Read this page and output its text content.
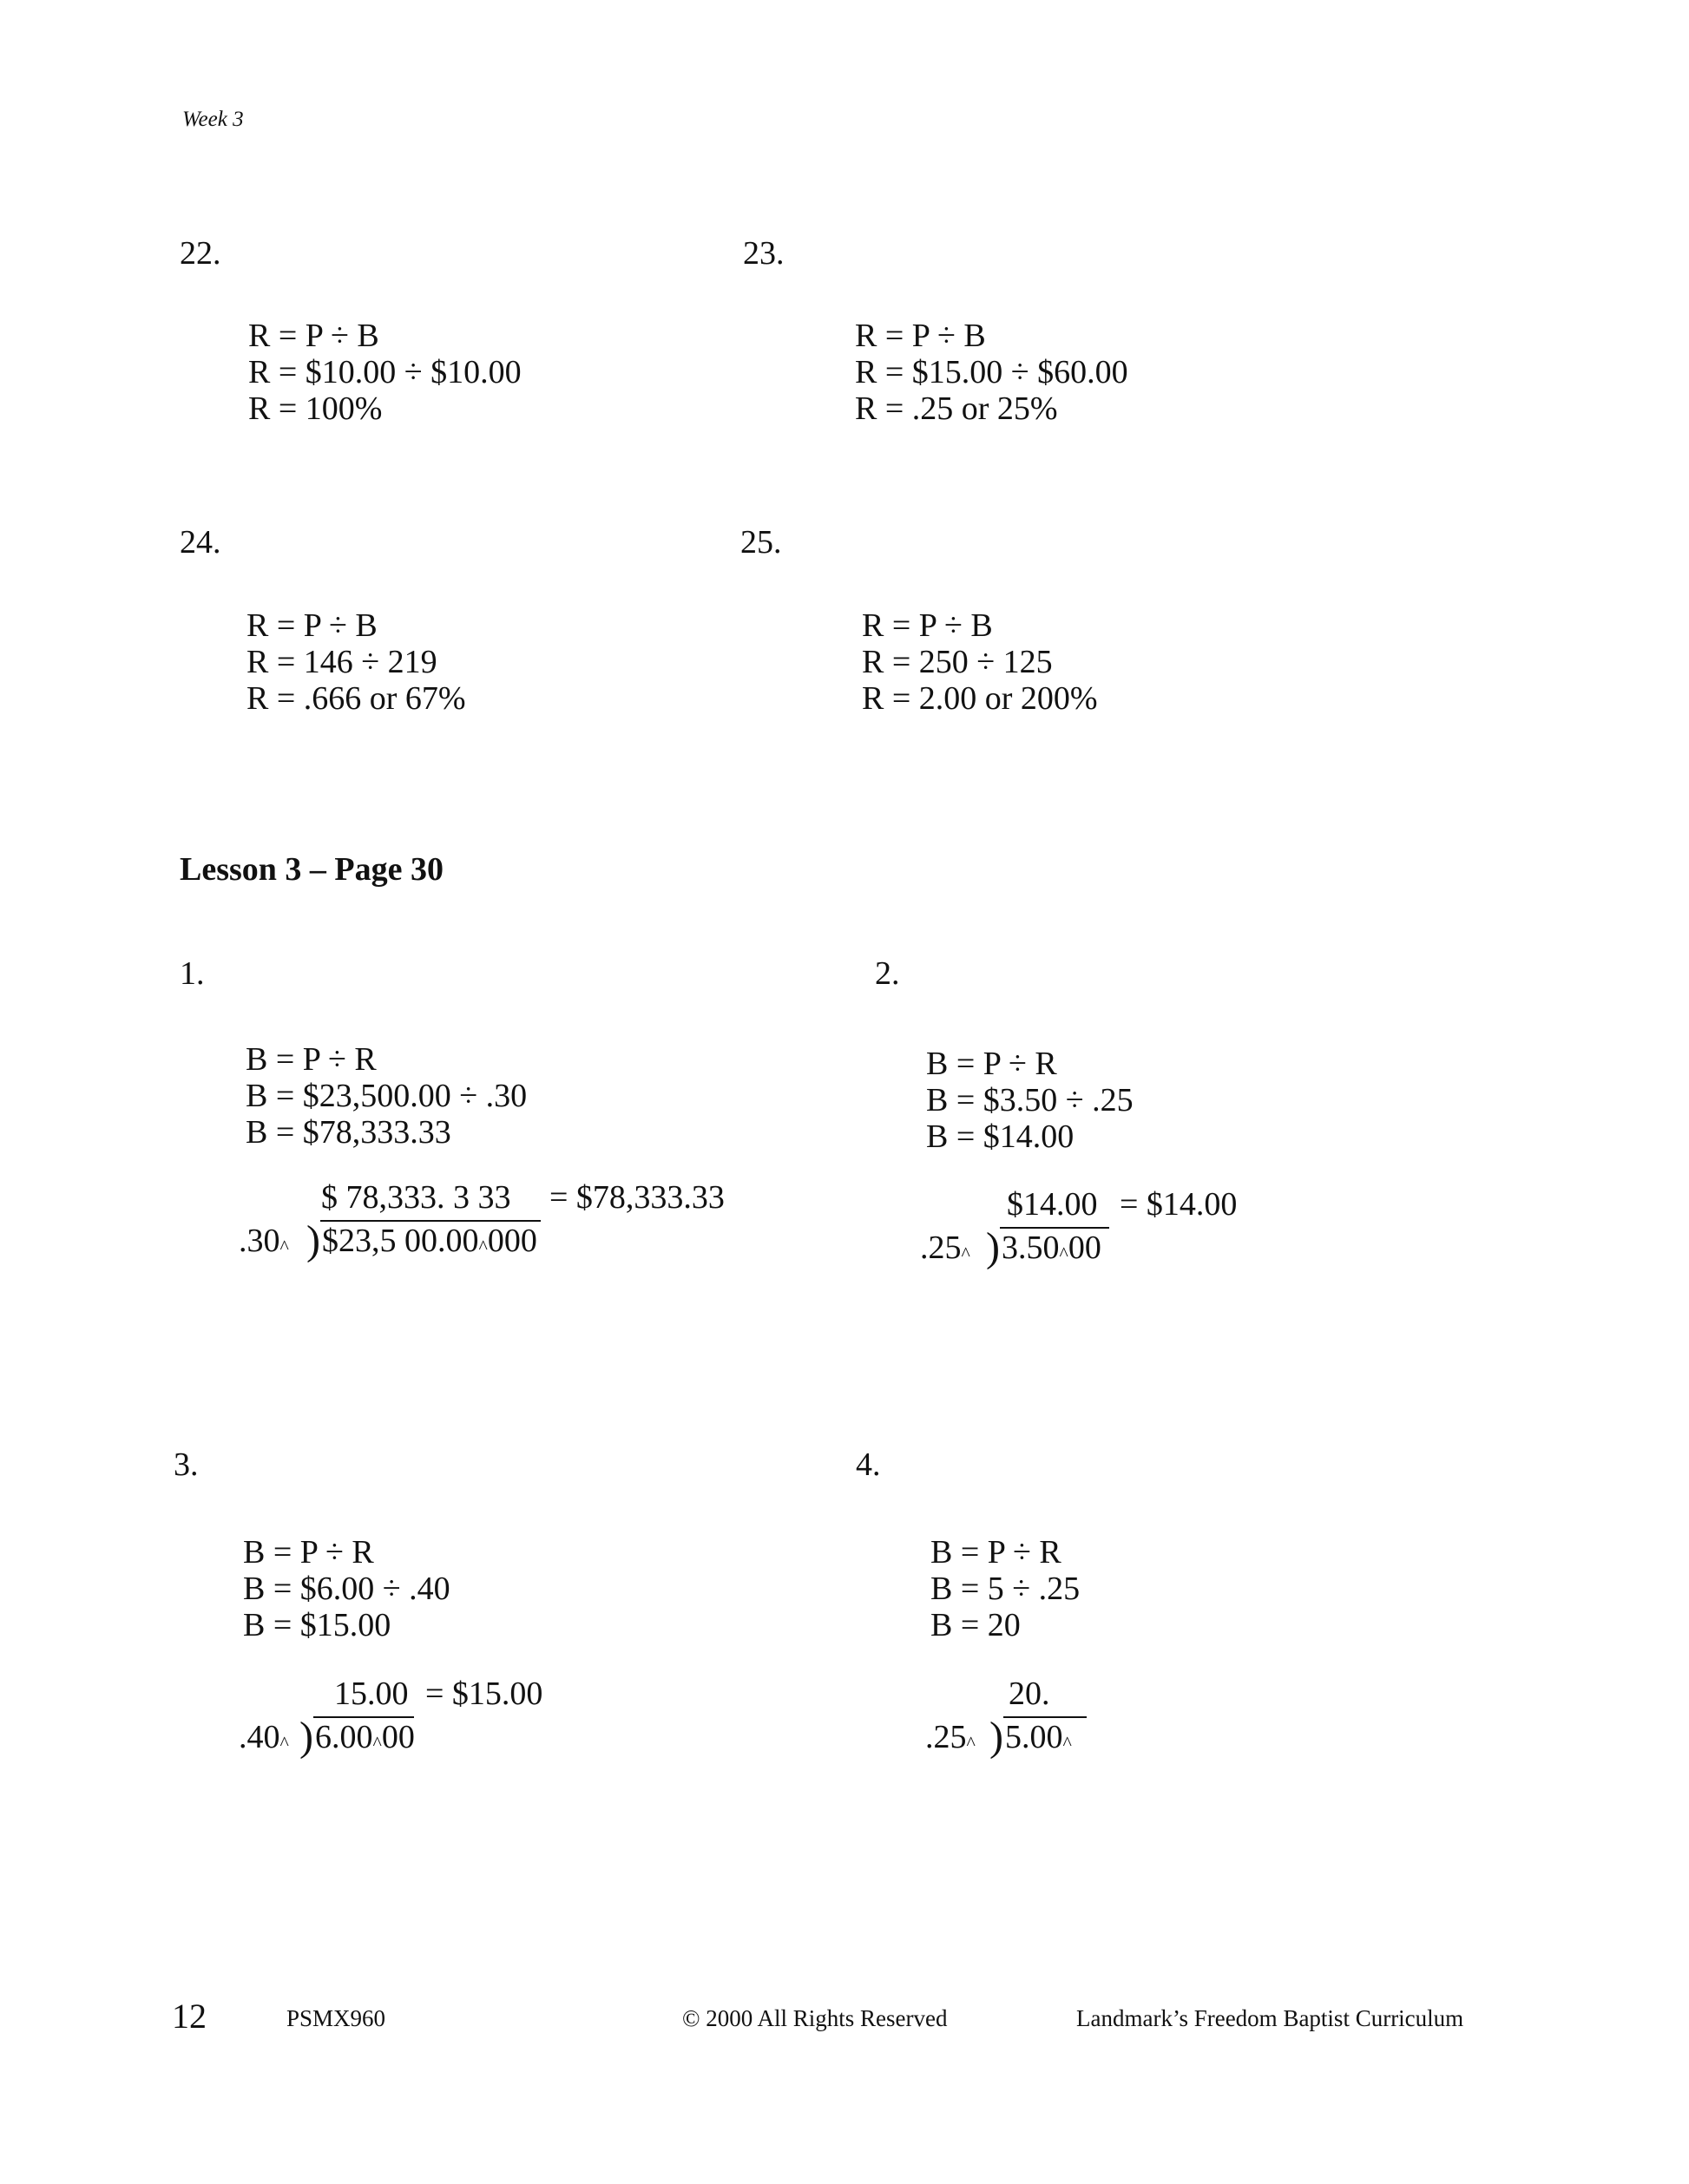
Week 3
22.
R = P ÷ B
R = $10.00 ÷ $10.00
R = 100%
23.
R = P ÷ B
R = $15.00 ÷ $60.00
R = .25 or 25%
24.
R = P ÷ B
R = 146 ÷ 219
R = .666 or 67%
25.
R = P ÷ B
R = 250 ÷ 125
R = 2.00 or 200%
Lesson 3 – Page 30
1.
B = P ÷ R
B = $23,500.00 ÷ .30
B = $78,333.33
$ 78,333. 3 33 = $78,333.33
.30^ ) $23,5 00.00^000
2.
B = P ÷ R
B = $3.50 ÷ .25
B = $14.00
$14.00 = $14.00
.25^ ) 3.50^00
3.
B = P ÷ R
B = $6.00 ÷ .40
B = $15.00
15.00 = $15.00
.40^ ) 6.00^00
4.
B = P ÷ R
B = 5 ÷ .25
B = 20
20.
.25^ ) 5.00^
12	PSMX960	© 2000 All Rights Reserved	Landmark’s Freedom Baptist Curriculum
